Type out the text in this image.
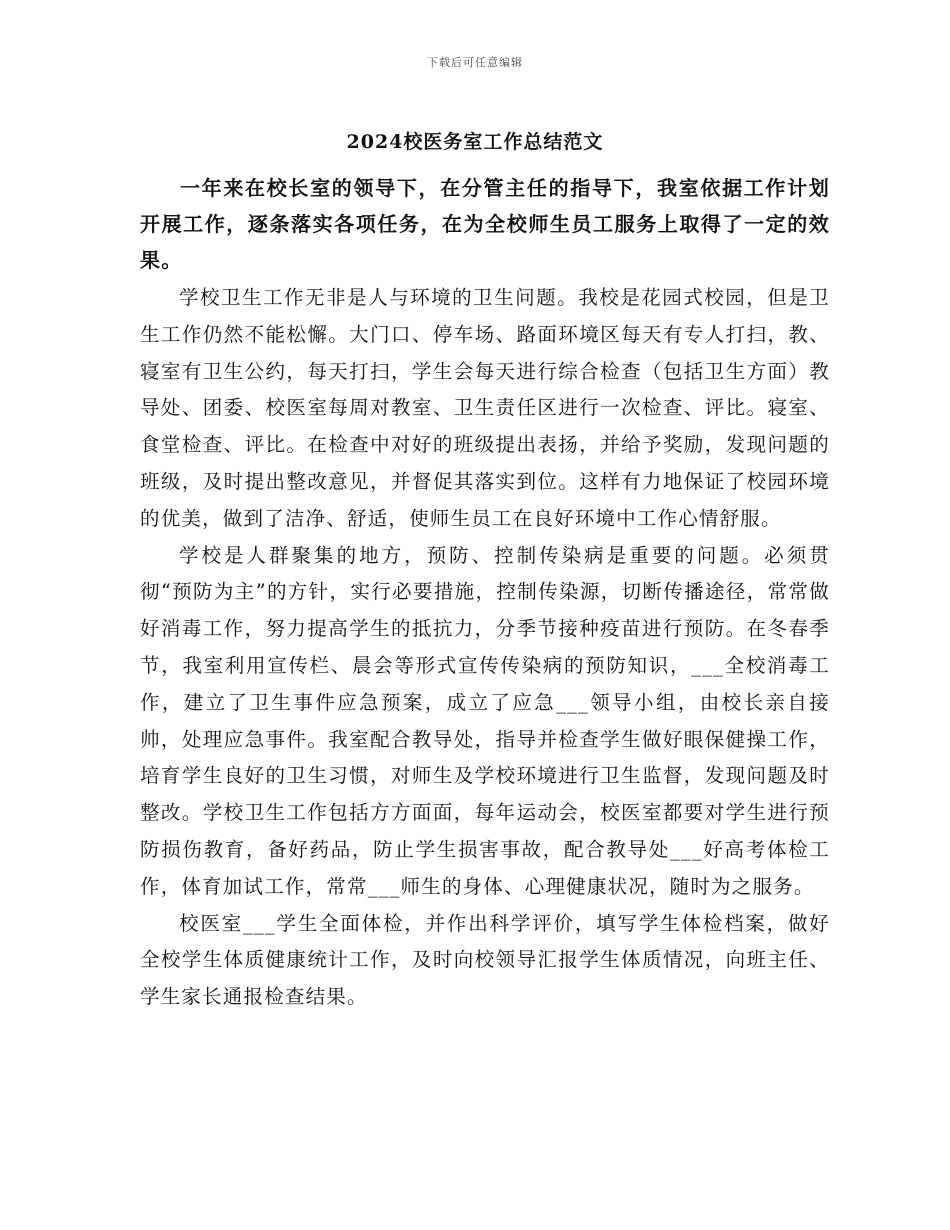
下载后可任意编辑
2024校医务室工作总结范文

一年来在校长室的领导下，在分管主任的指导下，我室依据工作计划开展工作，逐条落实各项任务，在为全校师生员工服务上取得了一定的效果。

学校卫生工作无非是人与环境的卫生问题。我校是花园式校园，但是卫生工作仍然不能松懈。大门口、停车场、路面环境区每天有专人打扫，教、寝室有卫生公约，每天打扫，学生会每天进行综合检查（包括卫生方面）教导处、团委、校医室每周对教室、卫生责任区进行一次检查、评比。寝室、食堂检查、评比。在检查中对好的班级提出表扬，并给予奖励，发现问题的班级，及时提出整改意见，并督促其落实到位。这样有力地保证了校园环境的优美，做到了洁净、舒适，使师生员工在良好环境中工作心情舒服。

学校是人群聚集的地方，预防、控制传染病是重要的问题。必须贯彻“预防为主”的方针，实行必要措施，控制传染源，切断传播途径，常常做好消毒工作，努力提高学生的抵抗力，分季节接种疫苗进行预防。在冬春季节，我室利用宣传栏、晨会等形式宣传传染病的预防知识，___全校消毒工作，建立了卫生事件应急预案，成立了应急___领导小组，由校长亲自接帅，处理应急事件。我室配合教导处，指导并检查学生做好眼保健操工作，培育学生良好的卫生习惯，对师生及学校环境进行卫生监督，发现问题及时整改。学校卫生工作包括方方面面，每年运动会，校医室都要对学生进行预防损伤教育，备好药品，防止学生损害事故，配合教导处___好高考体检工作，体育加试工作，常常___师生的身体、心理健康状况，随时为之服务。

校医室___学生全面体检，并作出科学评价，填写学生体检档案，做好全校学生体质健康统计工作，及时向校领导汇报学生体质情况，向班主任、学生家长通报检查结果。
